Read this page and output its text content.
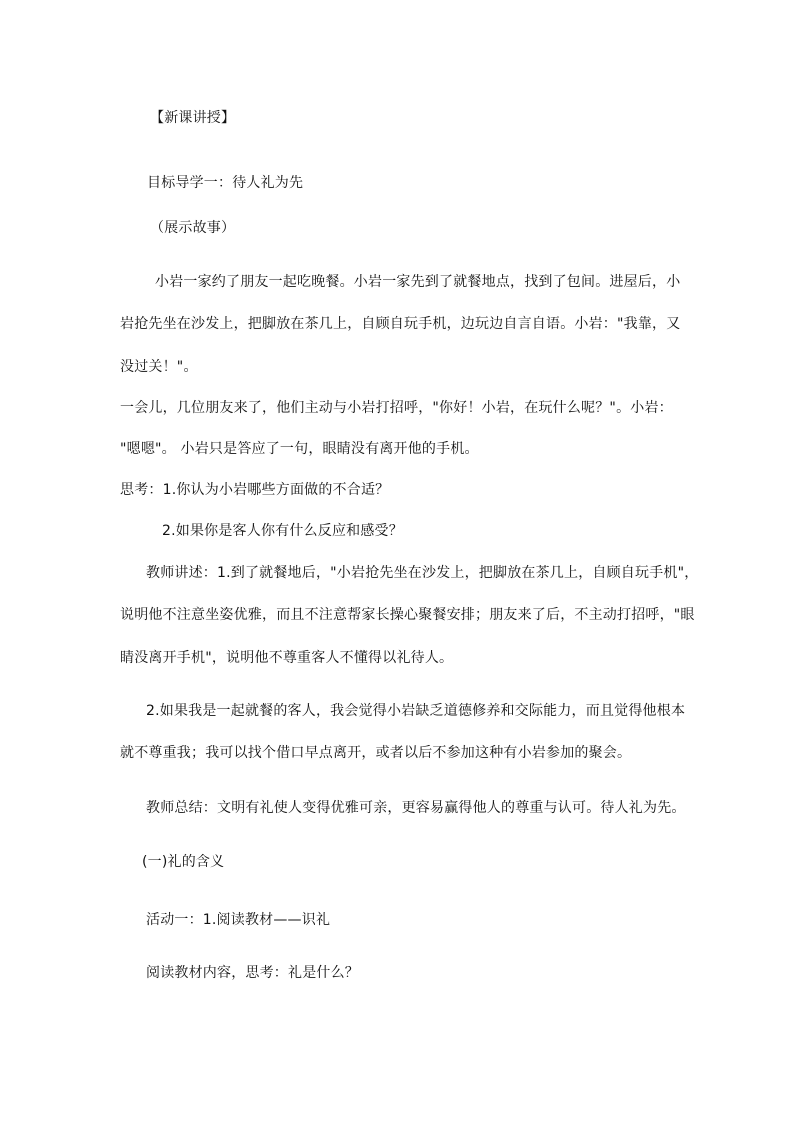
【新课讲授】
目标导学一：待人礼为先
（展示故事）
小岩一家约了朋友一起吃晚餐。小岩一家先到了就餐地点，找到了包间。进屋后，小
岩抢先坐在沙发上，把脚放在茶几上，自顾自玩手机，边玩边自言自语。小岩："我靠，又
没过关！"。
一会儿，几位朋友来了，他们主动与小岩打招呼，"你好！小岩，在玩什么呢？"。小岩：
"嗯嗯"。 小岩只是答应了一句，眼睛没有离开他的手机。
思考：1.你认为小岩哪些方面做的不合适？
2.如果你是客人你有什么反应和感受？
教师讲述：1.到了就餐地后，"小岩抢先坐在沙发上，把脚放在茶几上，自顾自玩手机"，
说明他不注意坐姿优雅，而且不注意帮家长操心聚餐安排；朋友来了后，不主动打招呼，"眼
睛没离开手机"，说明他不尊重客人不懂得以礼待人。
2.如果我是一起就餐的客人，我会觉得小岩缺乏道德修养和交际能力，而且觉得他根本
就不尊重我；我可以找个借口早点离开，或者以后不参加这种有小岩参加的聚会。
教师总结：文明有礼使人变得优雅可亲，更容易赢得他人的尊重与认可。待人礼为先。
(一)礼的含义
活动一：1.阅读教材——识礼
阅读教材内容，思考：礼是什么？
